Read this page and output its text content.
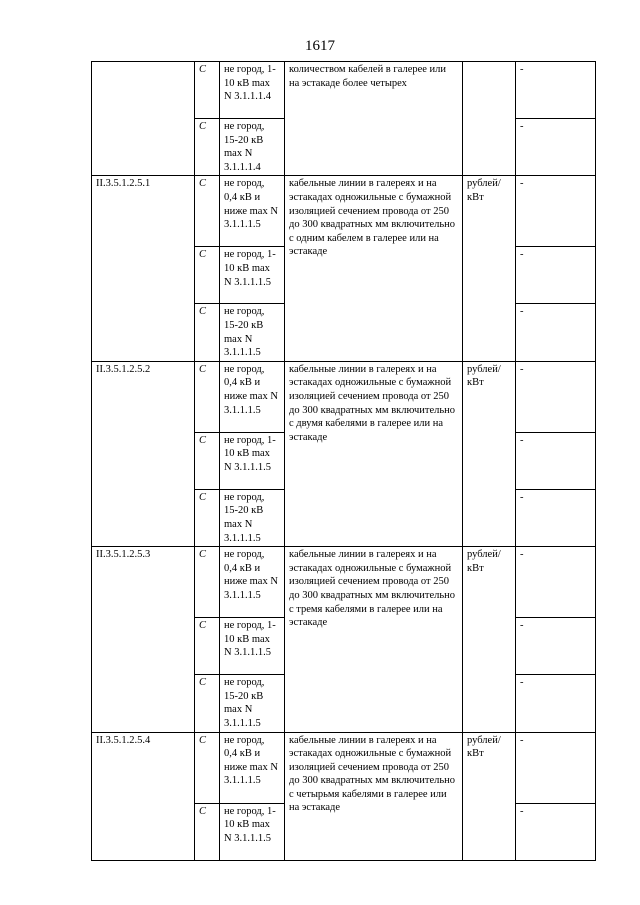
1617
	С	не город, 1-10 кВ max N 3.1.1.1.4	количеством кабелей в галерее или на эстакаде более четырех		-
	С	не город, 15-20 кВ max N 3.1.1.1.4			-
II.3.5.1.2.5.1	С	не город, 0,4 кВ и ниже max N 3.1.1.1.5	кабельные линии в галереях и на эстакадах одножильные с бумажной изоляцией сечением провода от 250 до 300 квадратных мм включительно с одним кабелем в галерее или на эстакаде	рублей/ кВт	-
	С	не город, 1-10 кВ max N 3.1.1.1.5			-
	С	не город, 15-20 кВ max N 3.1.1.1.5			-
II.3.5.1.2.5.2	С	не город, 0,4 кВ и ниже max N 3.1.1.1.5	кабельные линии в галереях и на эстакадах одножильные с бумажной изоляцией сечением провода от 250 до 300 квадратных мм включительно с двумя кабелями в галерее или на эстакаде	рублей/ кВт	-
	С	не город, 1-10 кВ max N 3.1.1.1.5			-
	С	не город, 15-20 кВ max N 3.1.1.1.5			-
II.3.5.1.2.5.3	С	не город, 0,4 кВ и ниже max N 3.1.1.1.5	кабельные линии в галереях и на эстакадах одножильные с бумажной изоляцией сечением провода от 250 до 300 квадратных мм включительно с тремя кабелями в галерее или на эстакаде	рублей/ кВт	-
	С	не город, 1-10 кВ max N 3.1.1.1.5			-
	С	не город, 15-20 кВ max N 3.1.1.1.5			-
II.3.5.1.2.5.4	С	не город, 0,4 кВ и ниже max N 3.1.1.1.5	кабельные линии в галереях и на эстакадах одножильные с бумажной изоляцией сечением провода от 250 до 300 квадратных мм включительно с четырьмя кабелями в галерее или на эстакаде	рублей/ кВт	-
	С	не город, 1-10 кВ max N 3.1.1.1.5			-
